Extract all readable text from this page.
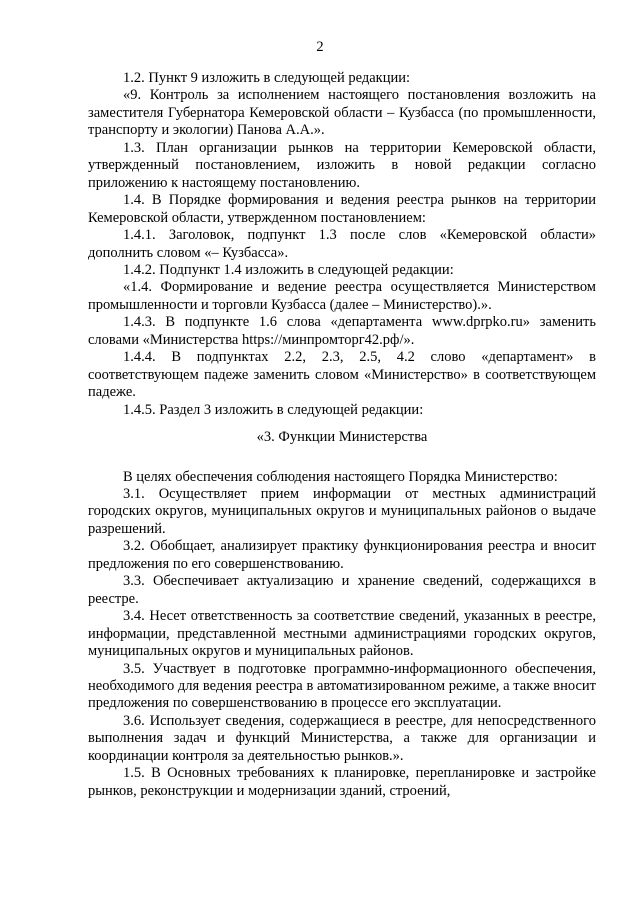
2

1.2. Пункт 9 изложить в следующей редакции:

«9. Контроль за исполнением настоящего постановления возложить на заместителя Губернатора Кемеровской области – Кузбасса (по промышленности, транспорту и экологии) Панова А.А.».

1.3. План организации рынков на территории Кемеровской области, утвержденный постановлением, изложить в новой редакции согласно приложению к настоящему постановлению.

1.4. В Порядке формирования и ведения реестра рынков на территории Кемеровской области, утвержденном постановлением:

1.4.1. Заголовок, подпункт 1.3 после слов «Кемеровской области» дополнить словом «– Кузбасса».

1.4.2. Подпункт 1.4 изложить в следующей редакции:

«1.4. Формирование и ведение реестра осуществляется Министерством промышленности и торговли Кузбасса (далее – Министерство).».

1.4.3. В подпункте 1.6 слова «департамента www.dprpko.ru» заменить словами «Министерства https://минпромторг42.рф/».

1.4.4. В подпунктах 2.2, 2.3, 2.5, 4.2 слово «департамент» в соответствующем падеже заменить словом «Министерство» в соответствующем падеже.

1.4.5. Раздел 3 изложить в следующей редакции:

«3. Функции Министерства

В целях обеспечения соблюдения настоящего Порядка Министерство:

3.1. Осуществляет прием информации от местных администраций городских округов, муниципальных округов и муниципальных районов о выдаче разрешений.

3.2. Обобщает, анализирует практику функционирования реестра и вносит предложения по его совершенствованию.

3.3. Обеспечивает актуализацию и хранение сведений, содержащихся в реестре.

3.4. Несет ответственность за соответствие сведений, указанных в реестре, информации, представленной местными администрациями городских округов, муниципальных округов и муниципальных районов.

3.5. Участвует в подготовке программно-информационного обеспечения, необходимого для ведения реестра в автоматизированном режиме, а также вносит предложения по совершенствованию в процессе его эксплуатации.

3.6. Использует сведения, содержащиеся в реестре, для непосредственного выполнения задач и функций Министерства, а также для организации и координации контроля за деятельностью рынков.».

1.5. В Основных требованиях к планировке, перепланировке и застройке рынков, реконструкции и модернизации зданий, строений,
